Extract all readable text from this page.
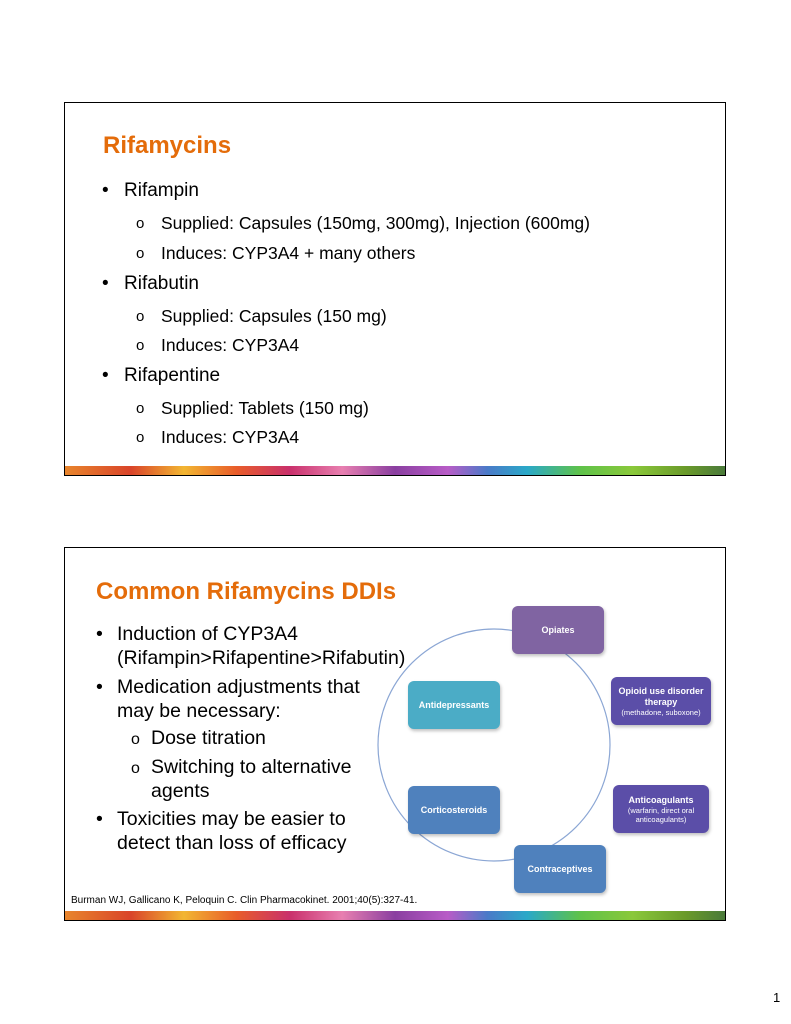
Rifamycins
• Rifampin
o Supplied: Capsules (150mg, 300mg), Injection (600mg)
o Induces: CYP3A4 + many others
• Rifabutin
o Supplied: Capsules (150 mg)
o Induces: CYP3A4
• Rifapentine
o Supplied: Tablets (150 mg)
o Induces: CYP3A4
Common Rifamycins DDIs
• Induction of CYP3A4
(Rifampin>Rifapentine>Rifabutin)
• Medication adjustments that
may be necessary:
o Dose titration
o Switching to alternative
agents
• Toxicities may be easier to
detect than loss of efficacy
Opiates
Opioid use disorder therapy
(methadone, suboxone)
Anticoagulants
(warfarin, direct oral anticoagulants)
Contraceptives
Corticosteroids
Antidepressants
Burman WJ, Gallicano K, Peloquin C. Clin Pharmacokinet. 2001;40(5):327-41.
1
